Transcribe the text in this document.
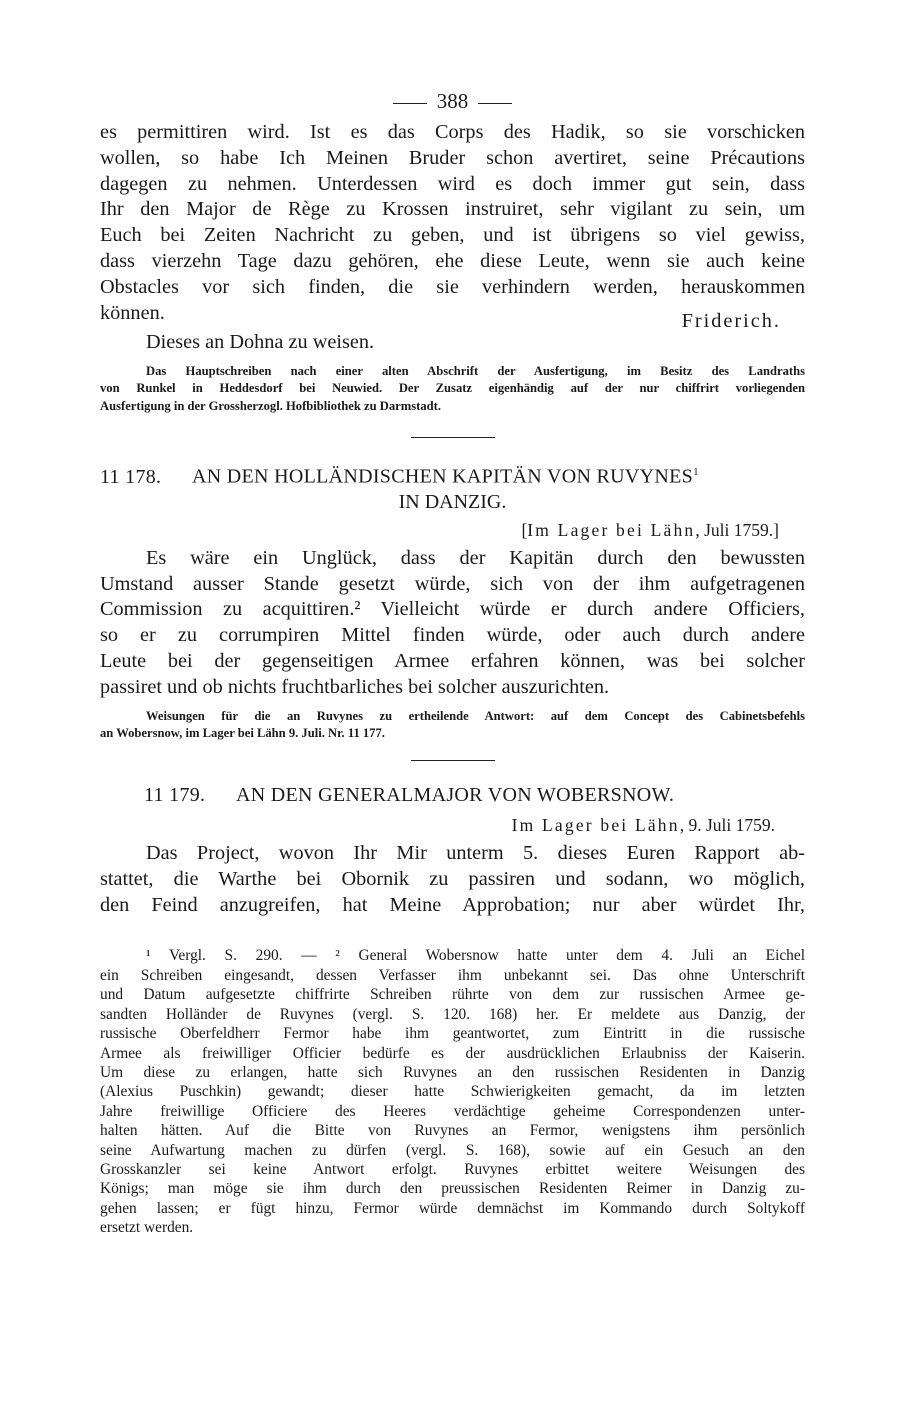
388
es permittiren wird. Ist es das Corps des Hadik, so sie vorschicken
wollen, so habe Ich Meinen Bruder schon avertiret, seine Précautions
dagegen zu nehmen. Unterdessen wird es doch immer gut sein, dass
Ihr den Major de Rège zu Krossen instruiret, sehr vigilant zu sein, um
Euch bei Zeiten Nachricht zu geben, und ist übrigens so viel gewiss,
dass vierzehn Tage dazu gehören, ehe diese Leute, wenn sie auch keine
Obstacles vor sich finden, die sie verhindern werden, herauskommen
können.	Friderich.
Dieses an Dohna zu weisen.
Das Hauptschreiben nach einer alten Abschrift der Ausfertigung, im Besitz des Landraths
von Runkel in Heddesdorf bei Neuwied. Der Zusatz eigenhändig auf der nur chiffrirt vorliegenden
Ausfertigung in der Grossherzogl. Hofbibliothek zu Darmstadt.
11 178. AN DEN HOLLÄNDISCHEN KAPITÄN VON RUVYNES$^1$
IN DANZIG.
[Im Lager bei Lähn, Juli 1759.]
Es wäre ein Unglück, dass der Kapitän durch den bewussten
Umstand ausser Stande gesetzt würde, sich von der ihm aufgetragenen
Commission zu acquittiren.² Vielleicht würde er durch andere Officiers,
so er zu corrumpiren Mittel finden würde, oder auch durch andere
Leute bei der gegenseitigen Armee erfahren können, was bei solcher
passiret und ob nichts fruchtbarliches bei solcher auszurichten.
Weisungen für die an Ruvynes zu ertheilende Antwort: auf dem Concept des Cabinetsbefehls
an Wobersnow, im Lager bei Lähn 9. Juli. Nr. 11 177.
11 179. AN DEN GENERALMAJOR VON WOBERSNOW.
Im Lager bei Lähn, 9. Juli 1759.
Das Project, wovon Ihr Mir unterm 5. dieses Euren Rapport ab-
stattet, die Warthe bei Obornik zu passiren und sodann, wo möglich,
den Feind anzugreifen, hat Meine Approbation; nur aber würdet Ihr,
¹ Vergl. S. 290. — ² General Wobersnow hatte unter dem 4. Juli an Eichel
ein Schreiben eingesandt, dessen Verfasser ihm unbekannt sei. Das ohne Unterschrift
und Datum aufgesetzte chiffrirte Schreiben rührte von dem zur russischen Armee ge-
sandten Holländer de Ruvynes (vergl. S. 120. 168) her. Er meldete aus Danzig, der
russische Oberfeldherr Fermor habe ihm geantwortet, zum Eintritt in die russische
Armee als freiwilliger Officier bedürfe es der ausdrücklichen Erlaubniss der Kaiserin.
Um diese zu erlangen, hatte sich Ruvynes an den russischen Residenten in Danzig
(Alexius Puschkin) gewandt; dieser hatte Schwierigkeiten gemacht, da im letzten
Jahre freiwillige Officiere des Heeres verdächtige geheime Correspondenzen unter-
halten hätten. Auf die Bitte von Ruvynes an Fermor, wenigstens ihm persönlich
seine Aufwartung machen zu dürfen (vergl. S. 168), sowie auf ein Gesuch an den
Grosskanzler sei keine Antwort erfolgt. Ruvynes erbittet weitere Weisungen des
Königs; man möge sie ihm durch den preussischen Residenten Reimer in Danzig zu-
gehen lassen; er fügt hinzu, Fermor würde demnächst im Kommando durch Soltykoff
ersetzt werden.
